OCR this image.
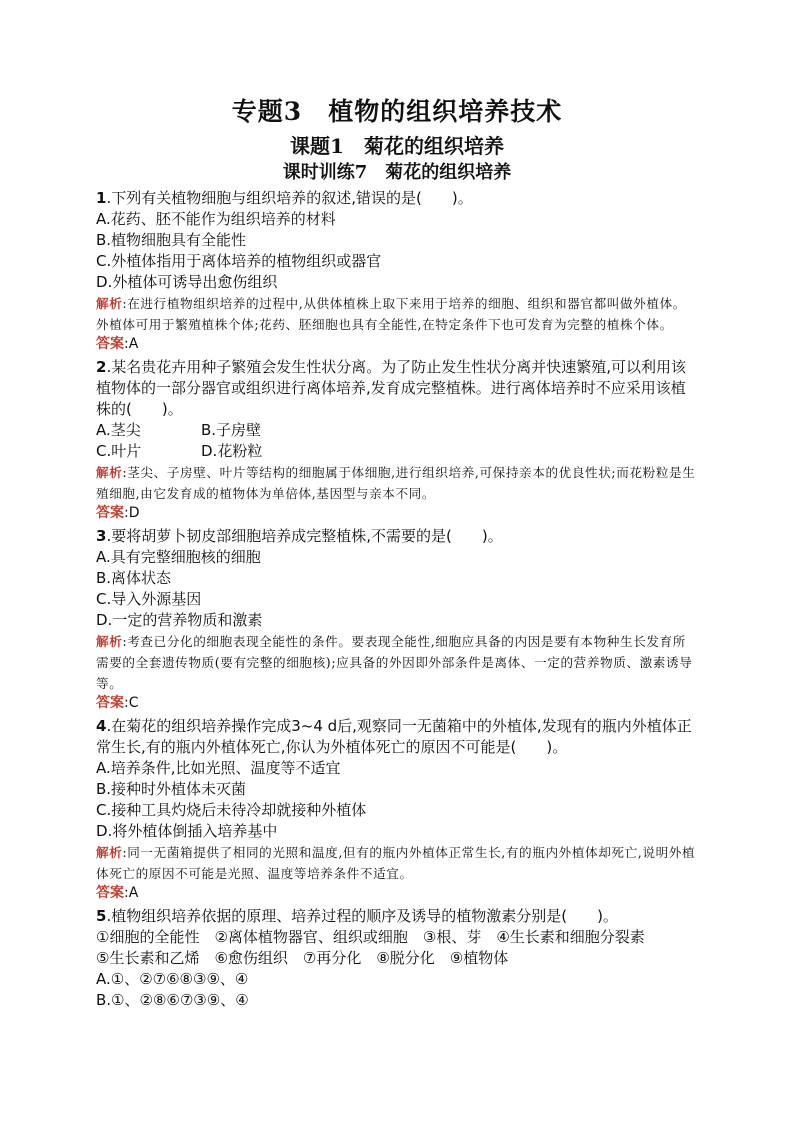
专题3　植物的组织培养技术

课题1　菊花的组织培养

课时训练7　菊花的组织培养

1.下列有关植物细胞与组织培养的叙述,错误的是(　　)。

A.花药、胚不能作为组织培养的材料

B.植物细胞具有全能性

C.外植体指用于离体培养的植物组织或器官

D.外植体可诱导出愈伤组织

解析:在进行植物组织培养的过程中,从供体植株上取下来用于培养的细胞、组织和器官都叫做外植体。外植体可用于繁殖植株个体;花药、胚细胞也具有全能性,在特定条件下也可发育为完整的植株个体。

答案:A

2.某名贵花卉用种子繁殖会发生性状分离。为了防止发生性状分离并快速繁殖,可以利用该植物体的一部分器官或组织进行离体培养,发育成完整植株。进行离体培养时不应采用该植株的(　　)。

A.茎尖	B.子房壁

C.叶片	D.花粉粒

解析:茎尖、子房壁、叶片等结构的细胞属于体细胞,进行组织培养,可保持亲本的优良性状;而花粉粒是生殖细胞,由它发育成的植物体为单倍体,基因型与亲本不同。

答案:D

3.要将胡萝卜韧皮部细胞培养成完整植株,不需要的是(　　)。

A.具有完整细胞核的细胞

B.离体状态

C.导入外源基因

D.一定的营养物质和激素

解析:考查已分化的细胞表现全能性的条件。要表现全能性,细胞应具备的内因是要有本物种生长发育所需要的全套遗传物质(要有完整的细胞核);应具备的外因即外部条件是离体、一定的营养物质、激素诱导等。

答案:C

4.在菊花的组织培养操作完成3~4 d后,观察同一无菌箱中的外植体,发现有的瓶内外植体正常生长,有的瓶内外植体死亡,你认为外植体死亡的原因不可能是(　　)。

A.培养条件,比如光照、温度等不适宜

B.接种时外植体未灭菌

C.接种工具灼烧后未待冷却就接种外植体

D.将外植体倒插入培养基中

解析:同一无菌箱提供了相同的光照和温度,但有的瓶内外植体正常生长,有的瓶内外植体却死亡,说明外植体死亡的原因不可能是光照、温度等培养条件不适宜。

答案:A

5.植物组织培养依据的原理、培养过程的顺序及诱导的植物激素分别是(　　)。

①细胞的全能性　②离体植物器官、组织或细胞　③根、芽　④生长素和细胞分裂素

⑤生长素和乙烯　⑥愈伤组织　⑦再分化　⑧脱分化　⑨植物体

A.①、②⑦⑥⑧③⑨、④

B.①、②⑧⑥⑦③⑨、④
